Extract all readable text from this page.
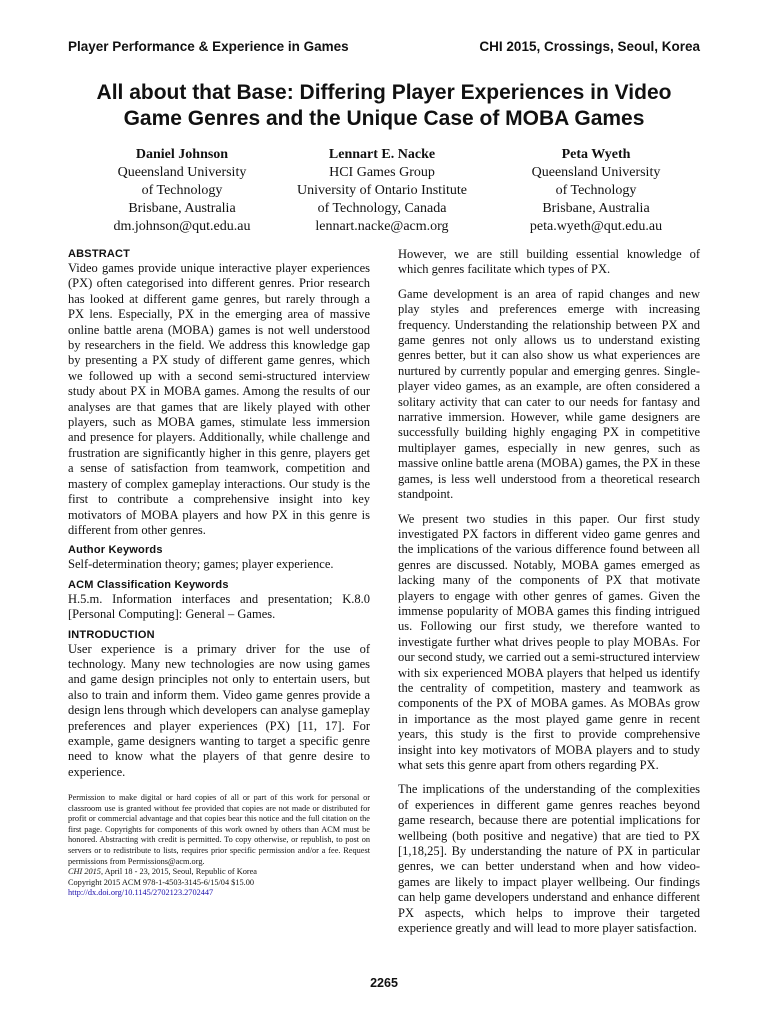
Player Performance & Experience in Games	CHI 2015, Crossings, Seoul, Korea
All about that Base: Differing Player Experiences in Video
Game Genres and the Unique Case of MOBA Games
Daniel Johnson
Queensland University
of Technology
Brisbane, Australia
dm.johnson@qut.edu.au
Lennart E. Nacke
HCI Games Group
University of Ontario Institute
of Technology, Canada
lennart.nacke@acm.org
Peta Wyeth
Queensland University
of Technology
Brisbane, Australia
peta.wyeth@qut.edu.au
ABSTRACT

Video games provide unique interactive player experiences (PX) often categorised into different genres. Prior research has looked at different game genres, but rarely through a PX lens. Especially, PX in the emerging area of massive online battle arena (MOBA) games is not well understood by researchers in the field. We address this knowledge gap by presenting a PX study of different game genres, which we followed up with a second semi-structured interview study about PX in MOBA games. Among the results of our analyses are that games that are likely played with other players, such as MOBA games, stimulate less immersion and presence for players. Additionally, while challenge and frustration are significantly higher in this genre, players get a sense of satisfaction from teamwork, competition and mastery of complex gameplay interactions. Our study is the first to contribute a comprehensive insight into key motivators of MOBA players and how PX in this genre is different from other genres.

Author Keywords

Self-determination theory; games; player experience.

ACM Classification Keywords

H.5.m. Information interfaces and presentation; K.8.0 [Personal Computing]: General – Games.

INTRODUCTION

User experience is a primary driver for the use of technology. Many new technologies are now using games and game design principles not only to entertain users, but also to train and inform them. Video game genres provide a design lens through which developers can analyse gameplay preferences and player experiences (PX) [11, 17]. For example, game designers wanting to target a specific genre need to know what the players of that genre desire to experience.

Permission to make digital or hard copies of all or part of this work for personal or classroom use is granted without fee provided that copies are not made or distributed for profit or commercial advantage and that copies bear this notice and the full citation on the first page. Copyrights for components of this work owned by others than ACM must be honored. Abstracting with credit is permitted. To copy otherwise, or republish, to post on servers or to redistribute to lists, requires prior specific permission and/or a fee. Request permissions from Permissions@acm.org.
CHI 2015, April 18 - 23, 2015, Seoul, Republic of Korea
Copyright 2015 ACM 978-1-4503-3145-6/15/04 $15.00
http://dx.doi.org/10.1145/2702123.2702447

However, we are still building essential knowledge of which genres facilitate which types of PX.

Game development is an area of rapid changes and new play styles and preferences emerge with increasing frequency. Understanding the relationship between PX and game genres not only allows us to understand existing genres better, but it can also show us what experiences are nurtured by currently popular and emerging genres. Single-player video games, as an example, are often considered a solitary activity that can cater to our needs for fantasy and narrative immersion. However, while game designers are successfully building highly engaging PX in competitive multiplayer games, especially in new genres, such as massive online battle arena (MOBA) games, the PX in these games, is less well understood from a theoretical research standpoint.

We present two studies in this paper. Our first study investigated PX factors in different video game genres and the implications of the various difference found between all genres are discussed. Notably, MOBA games emerged as lacking many of the components of PX that motivate players to engage with other genres of games. Given the immense popularity of MOBA games this finding intrigued us. Following our first study, we therefore wanted to investigate further what drives people to play MOBAs. For our second study, we carried out a semi-structured interview with six experienced MOBA players that helped us identify the centrality of competition, mastery and teamwork as components of the PX of MOBA games. As MOBAs grow in importance as the most played game genre in recent years, this study is the first to provide comprehensive insight into key motivators of MOBA players and to study what sets this genre apart from others regarding PX.

The implications of the understanding of the complexities of experiences in different game genres reaches beyond game research, because there are potential implications for wellbeing (both positive and negative) that are tied to PX [1,18,25]. By understanding the nature of PX in particular genres, we can better understand when and how video-games are likely to impact player wellbeing. Our findings can help game developers understand and enhance different PX aspects, which helps to improve their targeted experience greatly and will lead to more player satisfaction.

2265
